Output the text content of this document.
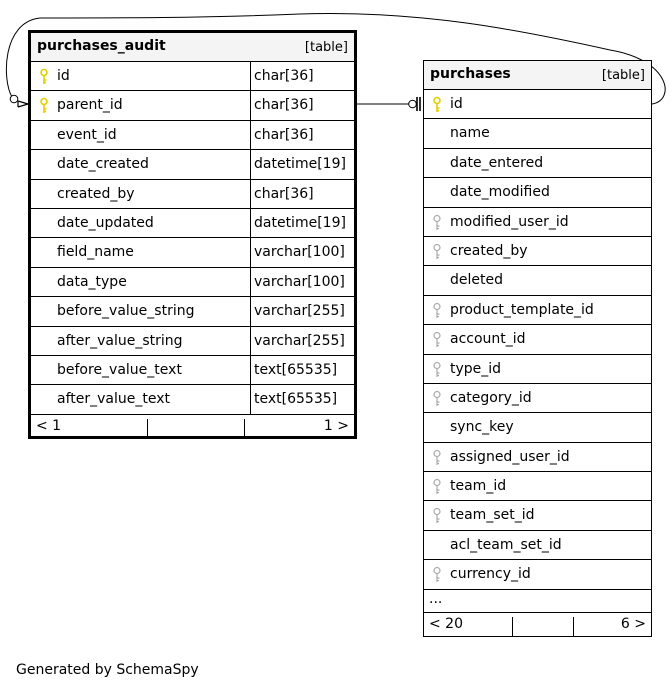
purchases_audit	[table]
id	char[36]
parent_id	char[36]
event_id	char[36]
date_created	datetime[19]
created_by	char[36]
date_updated	datetime[19]
field_name	varchar[100]
data_type	varchar[100]
before_value_string	varchar[255]
after_value_string	varchar[255]
before_value_text	text[65535]
after_value_text	text[65535]
< 1	1 >
purchases	[table]
id
name
date_entered
date_modified
modified_user_id
created_by
deleted
product_template_id
account_id
type_id
category_id
sync_key
assigned_user_id
team_id
team_set_id
acl_team_set_id
currency_id
...
< 20	6 >
Generated by SchemaSpy
